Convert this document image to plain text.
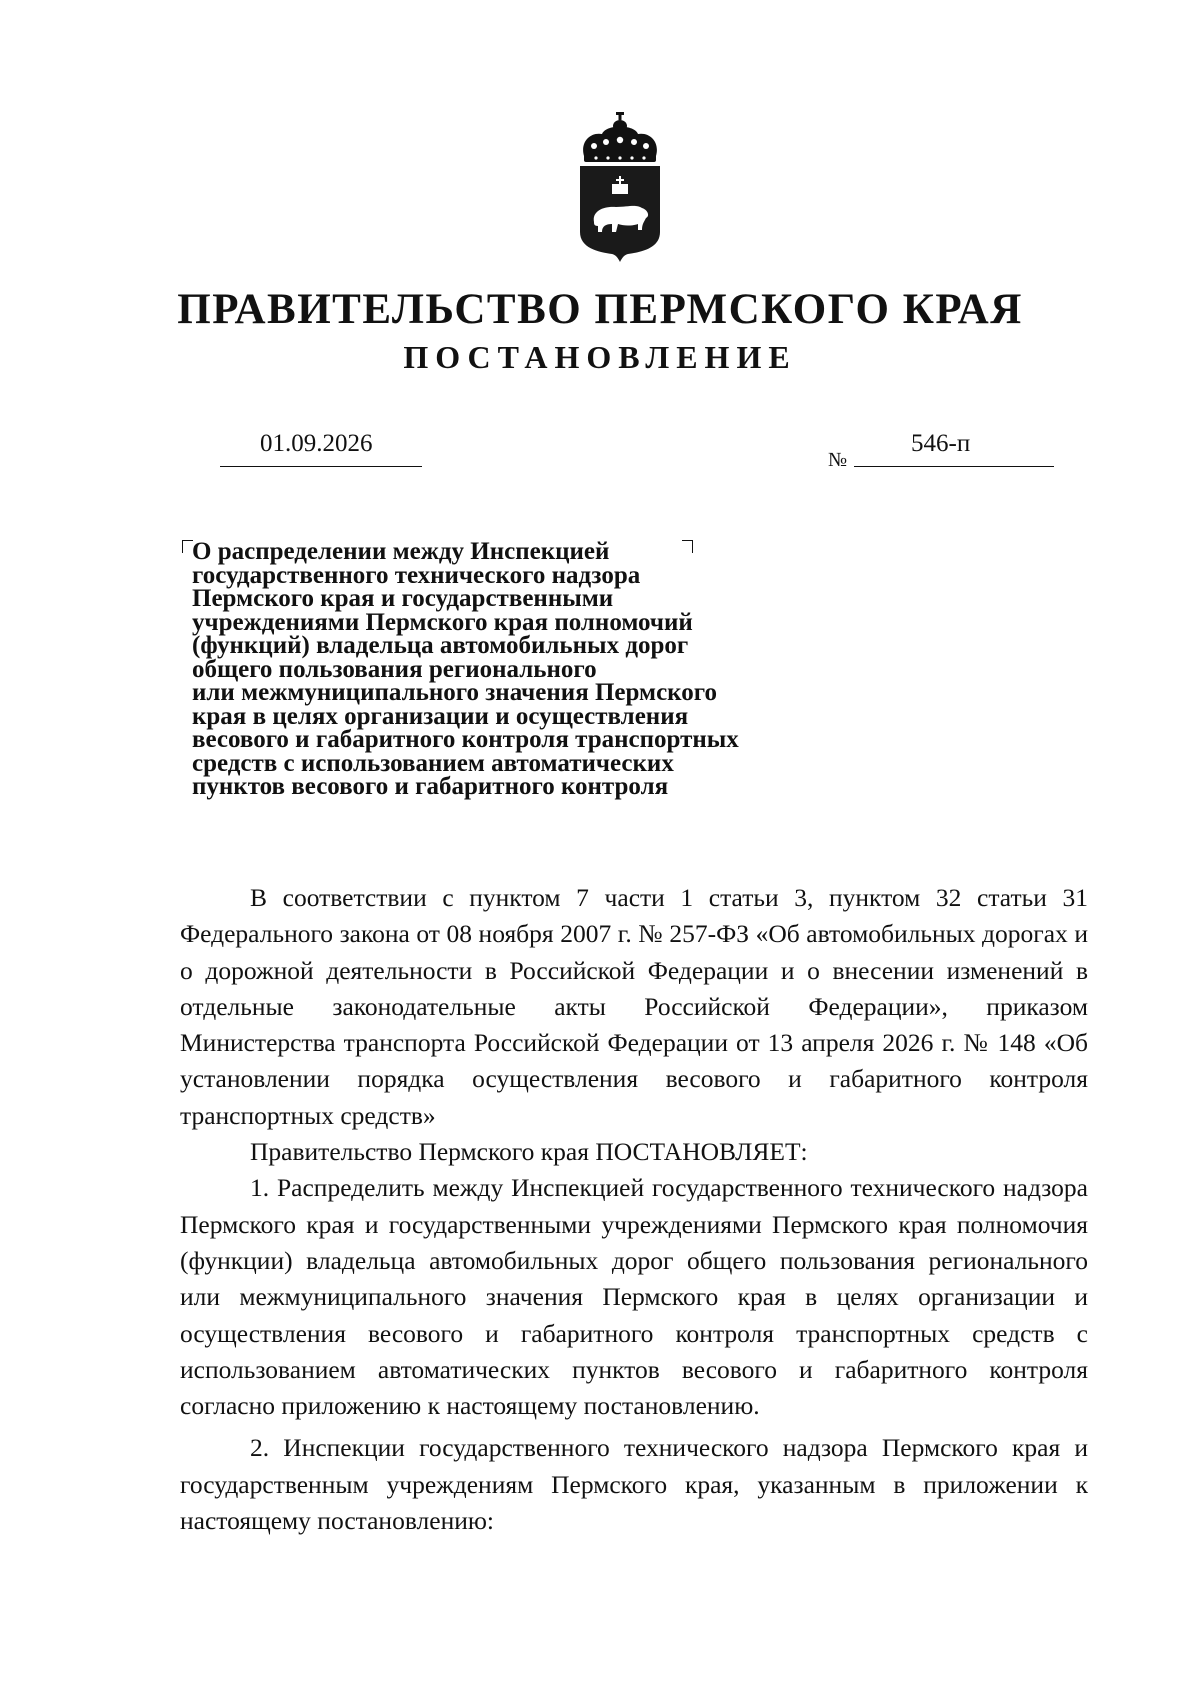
ПРАВИТЕЛЬСТВО ПЕРМСКОГО КРАЯ
ПОСТАНОВЛЕНИЕ
01.09.2026
№
546-п
О распределении между Инспекцией
государственного технического надзора
Пермского края и государственными
учреждениями Пермского края полномочий
(функций) владельца автомобильных дорог
общего пользования регионального
или межмуниципального значения Пермского
края в целях организации и осуществления
весового и габаритного контроля транспортных
средств с использованием автоматических
пунктов весового и габаритного контроля

В соответствии с пунктом 7 части 1 статьи 3, пунктом 32 статьи 31 Федерального закона от 08 ноября 2007 г. № 257-ФЗ «Об автомобильных дорогах и о дорожной деятельности в Российской Федерации и о внесении изменений в отдельные законодательные акты Российской Федерации», приказом Министерства транспорта Российской Федерации от 13 апреля 2026 г. № 148 «Об установлении порядка осуществления весового и габаритного контроля транспортных средств»

Правительство Пермского края ПОСТАНОВЛЯЕТ:

1. Распределить между Инспекцией государственного технического надзора Пермского края и государственными учреждениями Пермского края полномочия (функции) владельца автомобильных дорог общего пользования регионального или межмуниципального значения Пермского края в целях организации и осуществления весового и габаритного контроля транспортных средств с использованием автоматических пунктов весового и габаритного контроля согласно приложению к настоящему постановлению.

2. Инспекции государственного технического надзора Пермского края и государственным учреждениям Пермского края, указанным в приложении к настоящему постановлению:
